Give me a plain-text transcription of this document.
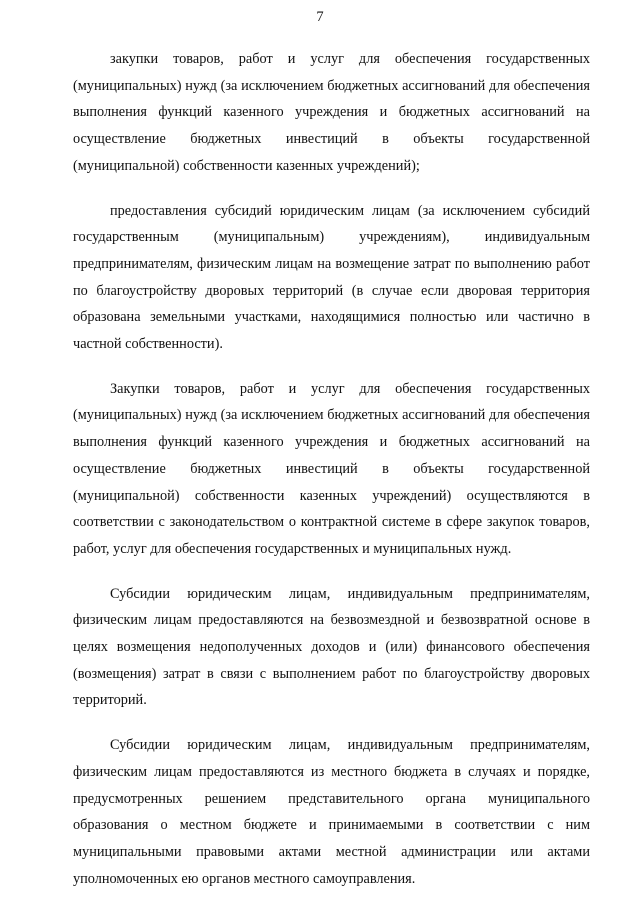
7

закупки товаров, работ и услуг для обеспечения государственных (муниципальных) нужд (за исключением бюджетных ассигнований для обеспечения выполнения функций казенного учреждения и бюджетных ассигнований на осуществление бюджетных инвестиций в объекты государственной (муниципальной) собственности казенных учреждений);

предоставления субсидий юридическим лицам (за исключением субсидий государственным (муниципальным) учреждениям), индивидуальным предпринимателям, физическим лицам на возмещение затрат по выполнению работ по благоустройству дворовых территорий (в случае если дворовая территория образована земельными участками, находящимися полностью или частично в частной собственности).

Закупки товаров, работ и услуг для обеспечения государственных (муниципальных) нужд (за исключением бюджетных ассигнований для обеспечения выполнения функций казенного учреждения и бюджетных ассигнований на осуществление бюджетных инвестиций в объекты государственной (муниципальной) собственности казенных учреждений) осуществляются в соответствии с законодательством о контрактной системе в сфере закупок товаров, работ, услуг для обеспечения государственных и муниципальных нужд.

Субсидии юридическим лицам, индивидуальным предпринимателям, физическим лицам предоставляются на безвозмездной и безвозвратной основе в целях возмещения недополученных доходов и (или) финансового обеспечения (возмещения) затрат в связи с выполнением работ по благоустройству дворовых территорий.

Субсидии юридическим лицам, индивидуальным предпринимателям, физическим лицам предоставляются из местного бюджета в случаях и порядке, предусмотренных решением представительного органа муниципального образования о местном бюджете и принимаемыми в соответствии с ним муниципальными правовыми актами местной администрации или актами уполномоченных ею органов местного самоуправления.
